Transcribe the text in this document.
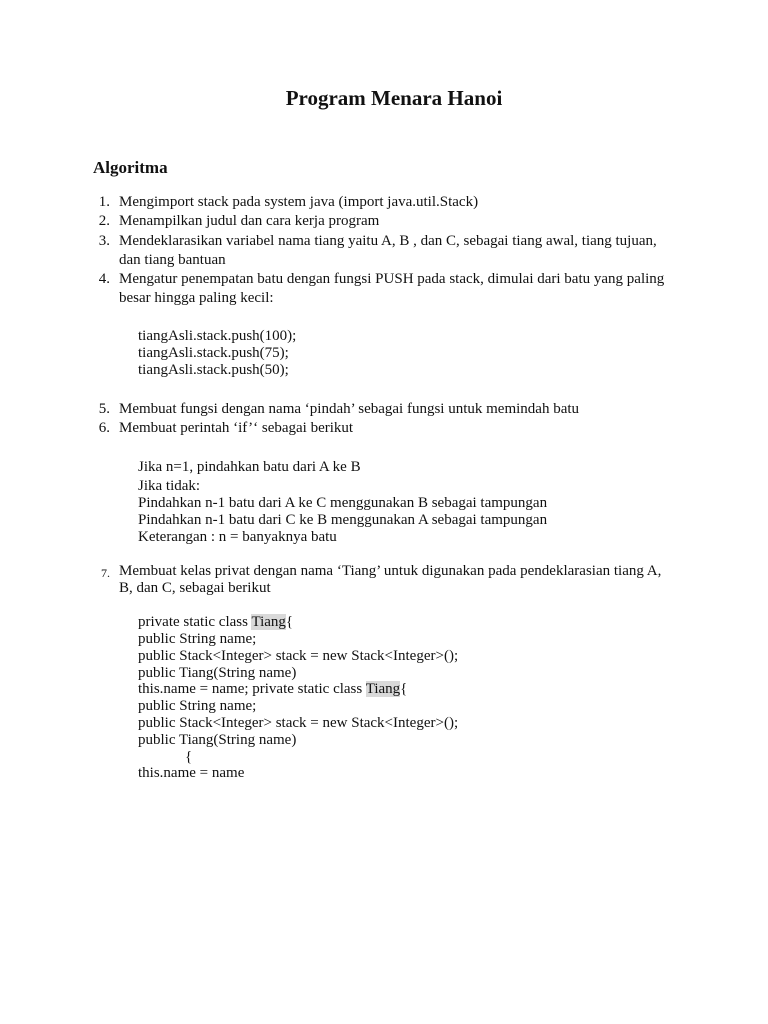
Program Menara Hanoi
Algoritma
1. Mengimport stack pada system java (import java.util.Stack)
2. Menampilkan judul dan cara kerja program
3. Mendeklarasikan variabel nama tiang yaitu A, B , dan C, sebagai tiang awal, tiang tujuan,
dan tiang bantuan
4. Mengatur penempatan batu dengan fungsi PUSH pada stack, dimulai dari batu yang paling
besar hingga paling kecil:
tiangAsli.stack.push(100);
tiangAsli.stack.push(75);
tiangAsli.stack.push(50);
5. Membuat fungsi dengan nama ‘pindah’ sebagai fungsi untuk memindah batu
6. Membuat perintah ‘if’‘ sebagai berikut
Jika n=1, pindahkan batu dari A ke B
Jika tidak:
Pindahkan n-1 batu dari A ke C menggunakan B sebagai tampungan
Pindahkan n-1 batu dari C ke B menggunakan A sebagai tampungan
Keterangan : n = banyaknya batu
7. Membuat kelas privat dengan nama ‘Tiang’ untuk digunakan pada pendeklarasian tiang A,
B, dan C, sebagai berikut
private static class Tiang{
public String name;
public Stack<Integer> stack = new Stack<Integer>();
public Tiang(String name)
this.name = name; private static class Tiang{
public String name;
public Stack<Integer> stack = new Stack<Integer>();
public Tiang(String name)
{
this.name = name
